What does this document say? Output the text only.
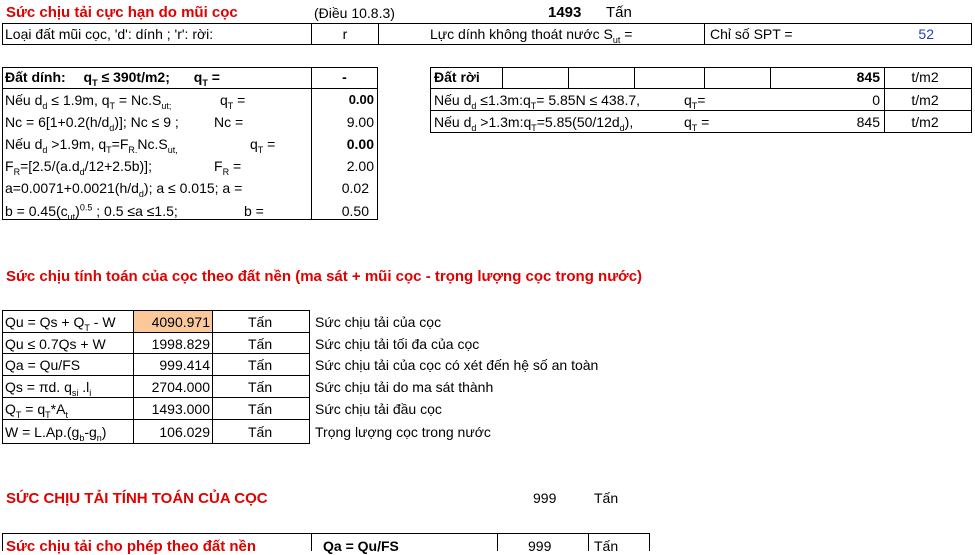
Sức chịu tải cực hạn do mũi cọc	(Điều 10.8.3)	1493 Tấn
Loại đất mũi cọc, 'd': dính ; 'r': rời:	r	Lực dính không thoát nước $S_{ut}$ =	Chỉ số SPT =	52
Đất dính: $q_T \le 390t/m2$; $q_T$ =	-
Nếu $d_d \le 1.9m$, $q_T = Nc.S_{ut;}$	$q_T$ =	0.00
$Nc = 6[1+0.2(h/d_d)]$; Nc ≤ 9 ;	Nc =	9.00
Nếu $d_d >1.9m$, $q_T=F_{R.}Nc.S_{ut,}$	$q_T$ =	0.00
$F_R=[2.5/(a.d_d/12+2.5b)]$;	$F_R$ =	2.00
$a=0.0071+0.0021(h/d_d)$; a ≤ 0.015; a =	0.02
$b = 0.45(c_{ut})^{0.5}$ ; 0.5 ≤a ≤1.5;	b =	0.50
Đất rời	845	t/m2
Nếu $d_d$ $\le 1.3m:q_T= 5.85N \le 438.7$,	$q_T=$	0	t/m2
Nếu $d_d$ $>1.3m:q_T=5.85(50/12d_d)$,	$q_T$ =	845	t/m2
Sức chịu tính toán của cọc theo đất nền (ma sát + mũi cọc - trọng lượng cọc trong nước)
$Qu = Qs + Q_T - W$	4090.971	Tấn	Sức chịu tải của cọc
Qu ≤ 0.7Qs + W	1998.829	Tấn	Sức chịu tải tối đa của cọc
Qa = Qu/FS	999.414	Tấn	Sức chịu tải của cọc có xét đến hệ số an toàn
Qs = πd. $q_{si}$ $.l_i$	2704.000	Tấn	Sức chịu tải do ma sát thành
$Q_T = q_T*A_t$	1493.000	Tấn	Sức chịu tải đầu cọc
$W = L.Ap.(g_b-g_n)$	106.029	Tấn	Trọng lượng cọc trong nước
SỨC CHỊU TẢI TÍNH TOÁN CỦA CỌC	999	Tấn
Sức chịu tải cho phép theo đất nền	Qa = Qu/FS	999	Tấn
